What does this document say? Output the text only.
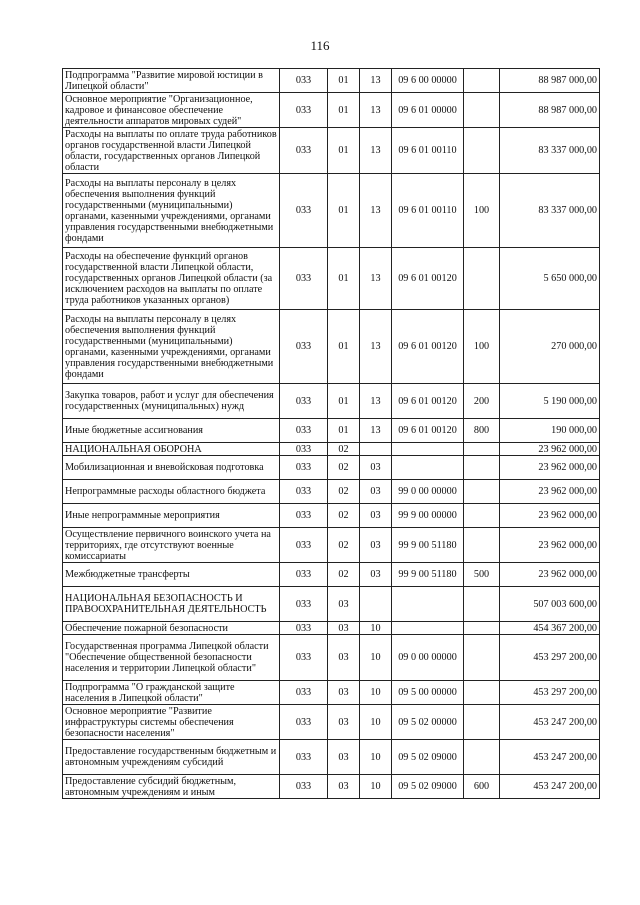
116
Подпрограмма "Развитие мировой юстиции в Липецкой области"	033	01	13	09 6 00 00000		88 987 000,00
Основное мероприятие "Организационное, кадровое и финансовое обеспечение деятельности аппаратов мировых судей"	033	01	13	09 6 01 00000		88 987 000,00
Расходы на выплаты по оплате труда работников органов государственной власти Липецкой области, государственных органов Липецкой области	033	01	13	09 6 01 00110		83 337 000,00
Расходы на выплаты персоналу в целях обеспечения выполнения функций государственными (муниципальными) органами, казенными учреждениями, органами управления государственными внебюджетными фондами	033	01	13	09 6 01 00110	100	83 337 000,00
Расходы на обеспечение функций органов государственной власти Липецкой области, государственных органов Липецкой области (за исключением расходов на выплаты по оплате труда работников указанных органов)	033	01	13	09 6 01 00120		5 650 000,00
Расходы на выплаты персоналу в целях обеспечения выполнения функций государственными (муниципальными) органами, казенными учреждениями, органами управления государственными внебюджетными фондами	033	01	13	09 6 01 00120	100	270 000,00
Закупка товаров, работ и услуг для обеспечения государственных (муниципальных) нужд	033	01	13	09 6 01 00120	200	5 190 000,00
Иные бюджетные ассигнования	033	01	13	09 6 01 00120	800	190 000,00
НАЦИОНАЛЬНАЯ ОБОРОНА	033	02				23 962 000,00
Мобилизационная и вневойсковая подготовка	033	02	03			23 962 000,00
Непрограммные расходы областного бюджета	033	02	03	99 0 00 00000		23 962 000,00
Иные непрограммные мероприятия	033	02	03	99 9 00 00000		23 962 000,00
Осуществление первичного воинского учета на территориях, где отсутствуют военные комиссариаты	033	02	03	99 9 00 51180		23 962 000,00
Межбюджетные трансферты	033	02	03	99 9 00 51180	500	23 962 000,00
НАЦИОНАЛЬНАЯ БЕЗОПАСНОСТЬ И ПРАВООХРАНИТЕЛЬНАЯ ДЕЯТЕЛЬНОСТЬ	033	03				507 003 600,00
Обеспечение пожарной безопасности	033	03	10			454 367 200,00
Государственная программа Липецкой области "Обеспечение общественной безопасности населения и территории Липецкой области"	033	03	10	09 0 00 00000		453 297 200,00
Подпрограмма "О гражданской защите населения в Липецкой области"	033	03	10	09 5 00 00000		453 297 200,00
Основное мероприятие "Развитие инфраструктуры системы обеспечения безопасности населения"	033	03	10	09 5 02 00000		453 247 200,00
Предоставление государственным бюджетным и автономным учреждениям субсидий	033	03	10	09 5 02 09000		453 247 200,00
Предоставление субсидий бюджетным, автономным учреждениям и иным	033	03	10	09 5 02 09000	600	453 247 200,00
